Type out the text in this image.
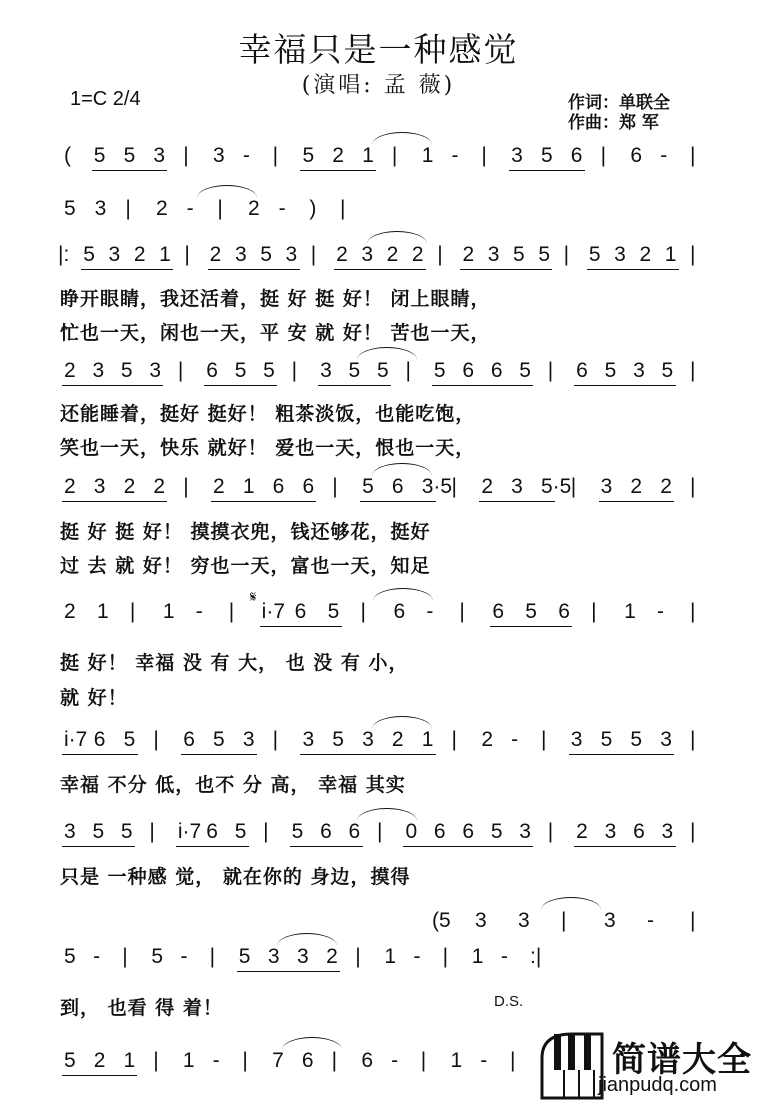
幸福只是一种感觉
(演唱: 孟 薇)
1=C 2/4	作词：单联全
作曲：郑 军
( 5 5 3 | 3 - | 5 2 1 | 1 - | 3 5 6 | 6 - |
5 3 | 2 - | 2 - ) |
|: 5 3 2 1 | 2 3 5 3 | 2 3 2 2 | 2 3 5 5 | 5 3 2 1 |
2 3 5 3 | 6 5 5 | 3 5 5 | 5 6 6 5 | 6 5 3 5 |
2 3 2 2 | 2 1 6 6 | 5 6 3·5 | 2 3 5·5 | 3 2 2 |
2 1 | 1 - | i·7 6 5 | 6 - | 6 5 6 | 1 - |
i·7 6 5 | 6 5 3 | 3 5 3 2 1 | 2 - | 3 5 5 3 |
3 5 5 | i·7 6 5 | 5 6 6 | 0 6 6 5 3 | 2 3 6 3 |
(5 3 3 | 3 - |
5 - | 5 - | 5 3 3 2 | 1 - | 1 - :|
5 2 1 | 1 - | 7 6 | 6 - | 1 - |
睁开眼睛，我还活着，挺 好 挺 好！ 闭上眼睛，
忙也一天，闲也一天，平 安 就 好！ 苦也一天，
还能睡着，挺好 挺好！ 粗茶淡饭，也能吃饱，
笑也一天，快乐 就好！ 爱也一天，恨也一天，
挺 好 挺 好！ 摸摸衣兜，钱还够花，挺好
过 去 就 好！ 穷也一天，富也一天，知足
挺 好！ 幸福 没 有 大， 也 没 有 小，
就 好！
幸福 不分 低，也不 分 高， 幸福 其实
只是 一种感 觉， 就在你的 身边，摸得
到， 也看 得 着！	D.S.
𝄋
简谱大全
jianpudq.com
